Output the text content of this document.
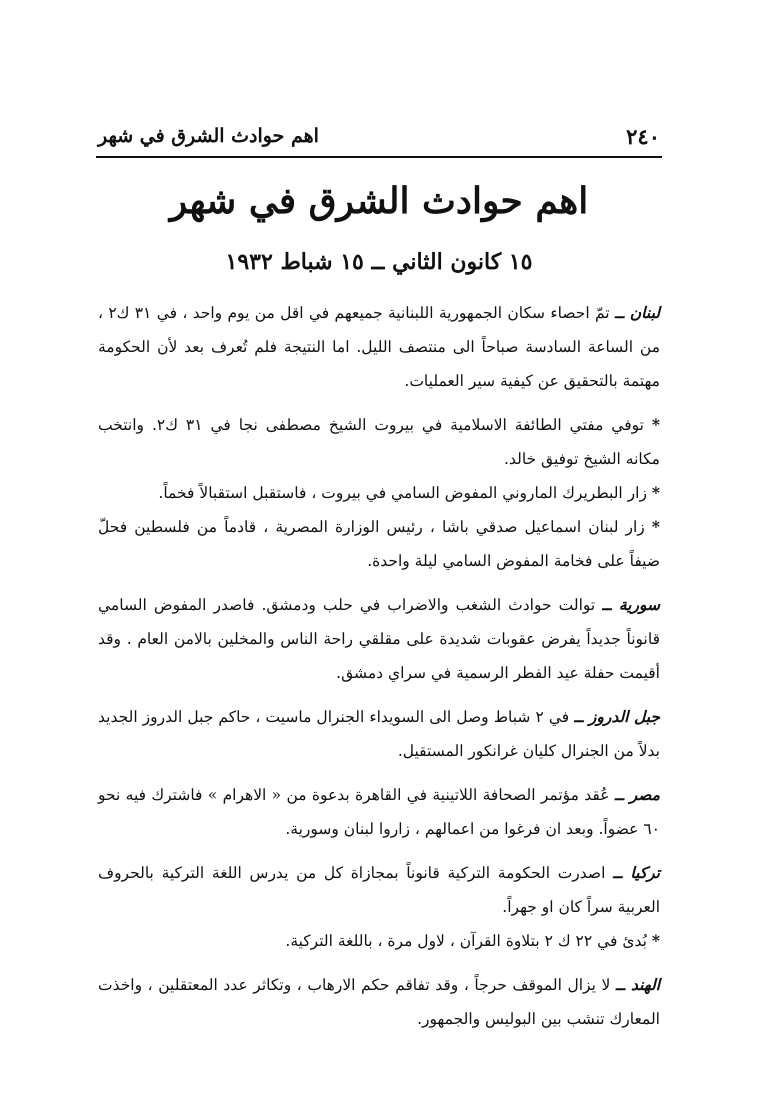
٢٤٠
اهم حوادث الشرق في شهر
اهم حوادث الشرق في شهر
١٥ كانون الثاني ــ ١٥ شباط ١٩٣٢

لبنان ــ تمّ احصاء سكان الجمهورية اللبنانية جميعهم في اقل من يوم واحد ، في ٣١ ك٢ ، من الساعة السادسة صباحاً الى منتصف الليل. اما النتيجة فلم تُعرف بعد لأن الحكومة مهتمة بالتحقيق عن كيفية سير العمليات.

* توفي مفتي الطائفة الاسلامية في بيروت الشيخ مصطفى نجا في ٣١ ك٢. وانتخب مكانه الشيخ توفيق خالد.

* زار البطريرك الماروني المفوض السامي في بيروت ، فاستقبل استقبالاً فخماً.

* زار لبنان اسماعيل صدقي باشا ، رئيس الوزارة المصرية ، قادماً من فلسطين فحلّ ضيفاً على فخامة المفوض السامي ليلة واحدة.

سورية ــ توالت حوادث الشغب والاضراب في حلب ودمشق. فاصدر المفوض السامي قانوناً جديداً يفرض عقوبات شديدة على مقلقي راحة الناس والمخلين بالامن العام . وقد أقيمت حفلة عيد الفطر الرسمية في سراي دمشق.

جبل الدروز ــ في ٢ شباط وصل الى السويداء الجنرال ماسيت ، حاكم جبل الدروز الجديد بدلاً من الجنرال كليان غرانكور المستقيل.

مصر ــ عُقد مؤتمر الصحافة اللاتينية في القاهرة بدعوة من « الاهرام » فاشترك فيه نحو ٦٠ عضواً. وبعد ان فرغوا من اعمالهم ، زاروا لبنان وسورية.

تركيا ــ اصدرت الحكومة التركية قانوناً بمجازاة كل من يدرس اللغة التركية بالحروف العربية سراً كان او جهراً.

* بُدئ في ٢٢ ك ٢ بتلاوة القرآن ، لاول مرة ، باللغة التركية.

الهند ــ لا يزال الموقف حرجاً ، وقد تفاقم حكم الارهاب ، وتكاثر عدد المعتقلين ، واخذت المعارك تنشب بين البوليس والجمهور.
